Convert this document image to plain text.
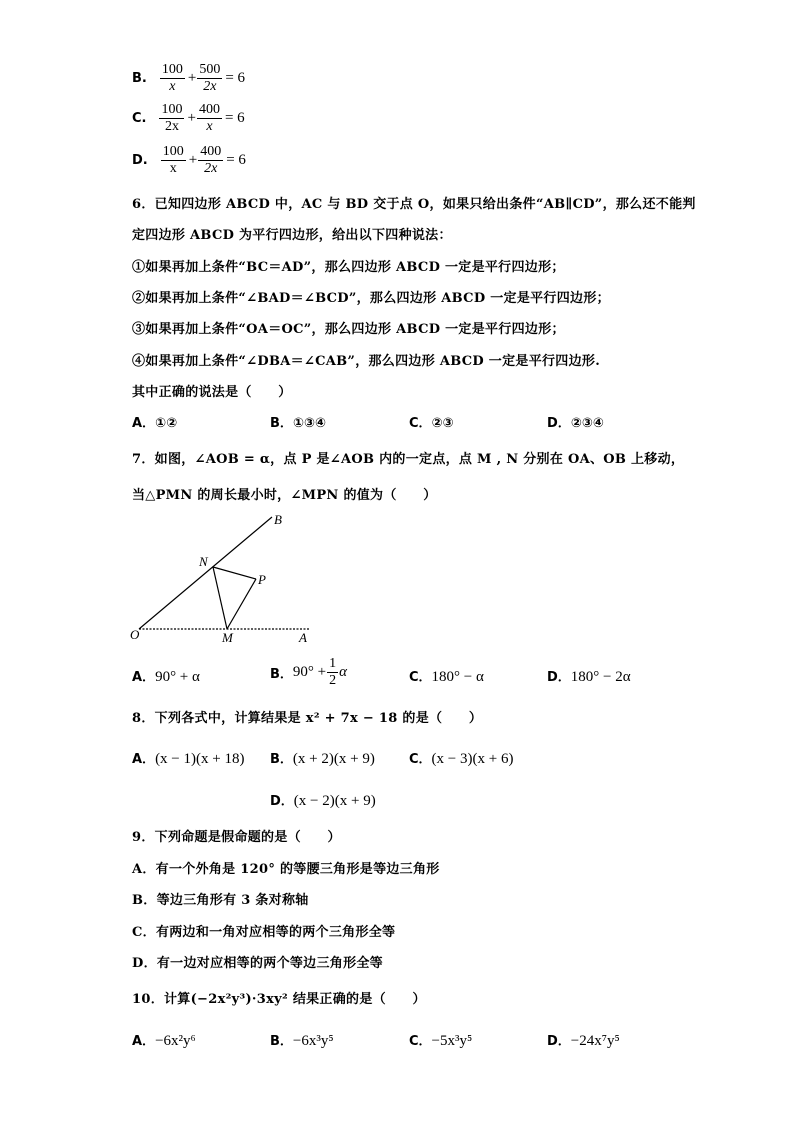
B. $\frac{100}{x} + \frac{500}{2x} = 6$
C. $\frac{100}{2x} + \frac{400}{x} = 6$
D. $\frac{100}{x} + \frac{400}{2x} = 6$
6．已知四边形 ABCD 中，AC 与 BD 交于点 O，如果只给出条件“AB∥CD”，那么还不能判
定四边形 ABCD 为平行四边形，给出以下四种说法：
①如果再加上条件“BC＝AD”，那么四边形 ABCD 一定是平行四边形；
②如果再加上条件“∠BAD＝∠BCD”，那么四边形 ABCD 一定是平行四边形；
③如果再加上条件“OA＝OC”，那么四边形 ABCD 一定是平行四边形；
④如果再加上条件“∠DBA＝∠CAB”，那么四边形 ABCD 一定是平行四边形.
其中正确的说法是（　　）
A．①②	B．①③④	C．②③	D．②③④
7．如图，∠AOB = α，点 P 是∠AOB 内的一定点，点 M , N 分别在 OA、OB 上移动，
当△PMN 的周长最小时，∠MPN 的值为（　　）
B
N
P
O	M	A
A．90° + α	B． $90^\circ + \frac{1}{2}$ α	C．180° − α	D．180° − 2α
8．下列各式中，计算结果是 x² + 7x − 18 的是（　　）
A．(x − 1)(x + 18) B．(x + 2)(x + 9)	C．(x − 3)(x + 6)
D．(x − 2)(x + 9)
9．下列命题是假命题的是（　　）
A．有一个外角是 120° 的等腰三角形是等边三角形
B．等边三角形有 3 条对称轴
C．有两边和一角对应相等的两个三角形全等
D．有一边对应相等的两个等边三角形全等
10．计算(−2x²y³)·3xy² 结果正确的是（　　）
A．−6x²y⁶	B．−6x³y⁵	C．−5x³y⁵	D．−24x⁷y⁵
